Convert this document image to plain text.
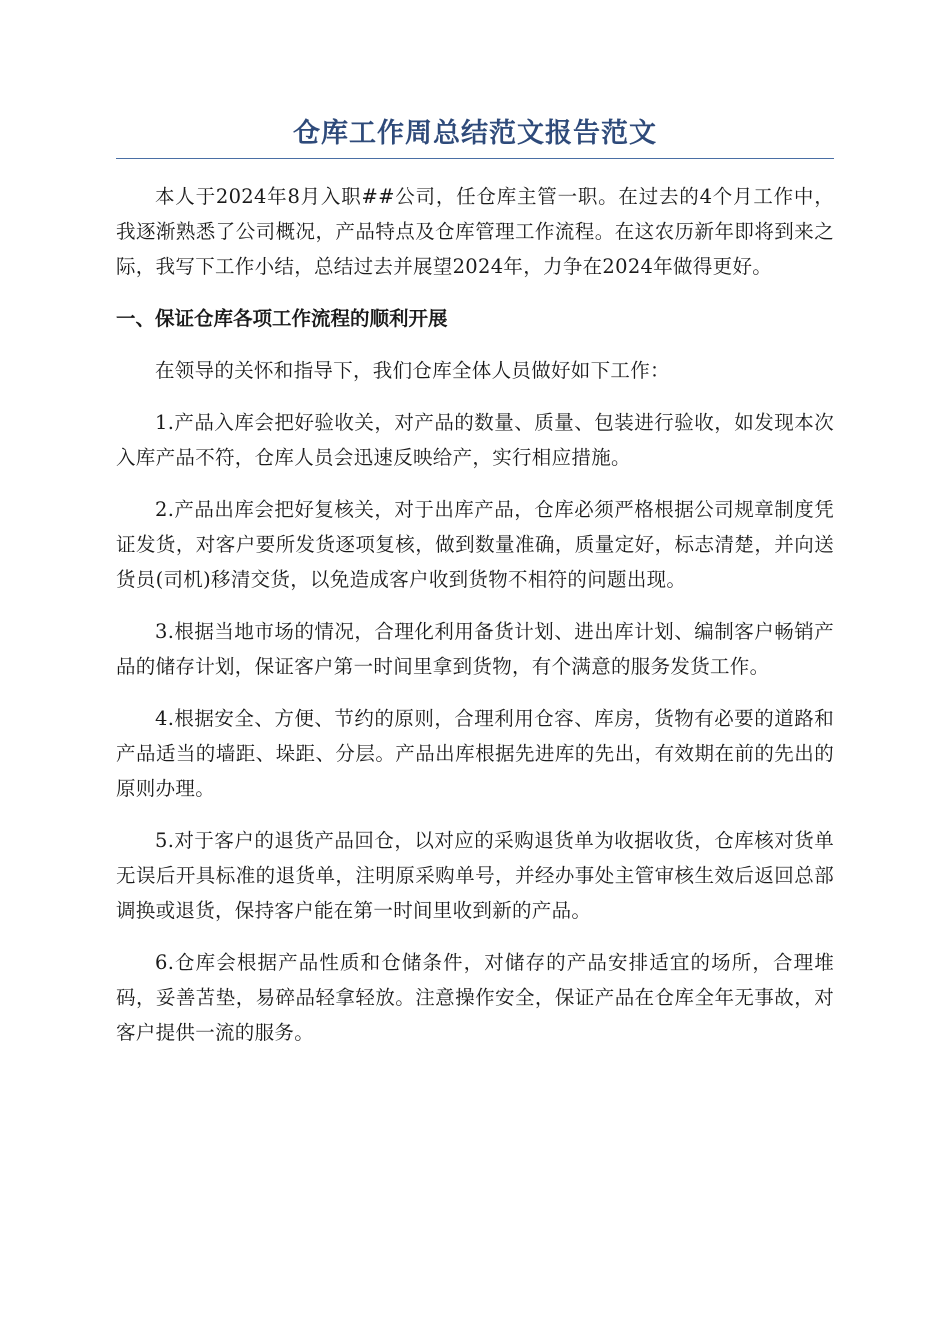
仓库工作周总结范文报告范文

本人于2024年8月入职##公司，任仓库主管一职。在过去的4个月工作中，我逐渐熟悉了公司概况，产品特点及仓库管理工作流程。在这农历新年即将到来之际，我写下工作小结，总结过去并展望2024年，力争在2024年做得更好。

一、保证仓库各项工作流程的顺利开展

在领导的关怀和指导下，我们仓库全体人员做好如下工作：

1.产品入库会把好验收关，对产品的数量、质量、包装进行验收，如发现本次入库产品不符，仓库人员会迅速反映给产，实行相应措施。

2.产品出库会把好复核关，对于出库产品，仓库必须严格根据公司规章制度凭证发货，对客户要所发货逐项复核，做到数量准确，质量定好，标志清楚，并向送货员(司机)移清交货，以免造成客户收到货物不相符的问题出现。

3.根据当地市场的情况，合理化利用备货计划、进出库计划、编制客户畅销产品的储存计划，保证客户第一时间里拿到货物，有个满意的服务发货工作。

4.根据安全、方便、节约的原则，合理利用仓容、库房，货物有必要的道路和产品适当的墙距、垛距、分层。产品出库根据先进库的先出，有效期在前的先出的原则办理。

5.对于客户的退货产品回仓，以对应的采购退货单为收据收货，仓库核对货单无误后开具标准的退货单，注明原采购单号，并经办事处主管审核生效后返回总部调换或退货，保持客户能在第一时间里收到新的产品。

6.仓库会根据产品性质和仓储条件，对储存的产品安排适宜的场所，合理堆码，妥善苫垫，易碎品轻拿轻放。注意操作安全，保证产品在仓库全年无事故，对客户提供一流的服务。
